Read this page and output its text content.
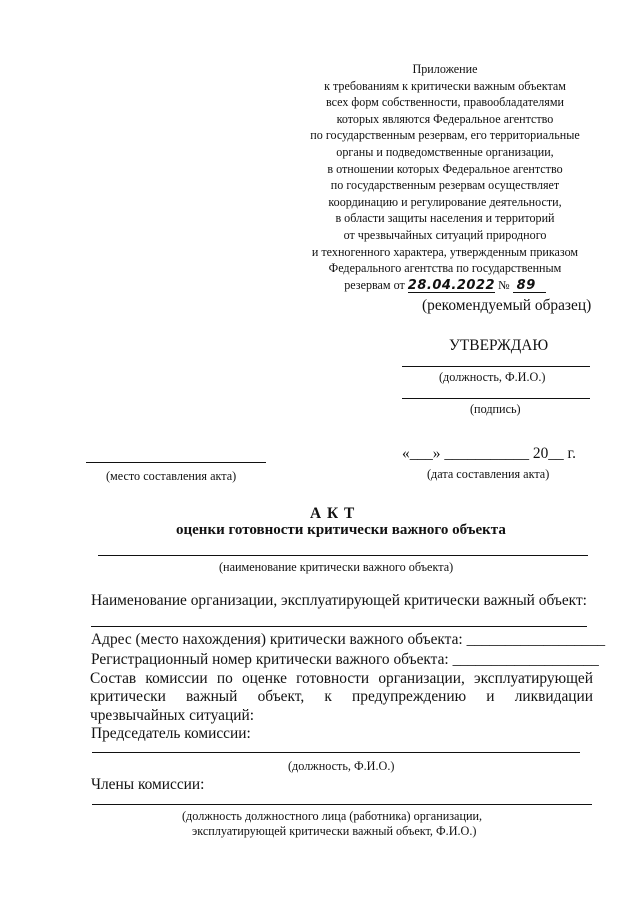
Приложение
к требованиям к критически важным объектам
всех форм собственности, правообладателями
которых являются Федеральное агентство
по государственным резервам, его территориальные
органы и подведомственные организации,
в отношении которых Федеральное агентство
по государственным резервам осуществляет
координацию и регулирование деятельности,
в области защиты населения и территорий
от чрезвычайных ситуаций природного
и техногенного характера, утвержденным приказом
Федерального агентства по государственным
резервам от 28.04.2022 № 89
(рекомендуемый образец)
УТВЕРЖДАЮ
(должность, Ф.И.О.)
(подпись)
«___» ___________ 20__ г.
(дата составления акта)
(место составления акта)
А К Т
оценки готовности критически важного объекта
(наименование критически важного объекта)
Наименование организации, эксплуатирующей критически важный объект:
Адрес (место нахождения) критически важного объекта: __________________
Регистрационный номер критически важного объекта: ___________________
Состав комиссии по оценке готовности организации, эксплуатирующей критически важный объект, к предупреждению и ликвидации чрезвычайных ситуаций:
Председатель комиссии:
(должность, Ф.И.О.)
Члены комиссии:
(должность должностного лица (работника) организации,
эксплуатирующей критически важный объект, Ф.И.О.)
